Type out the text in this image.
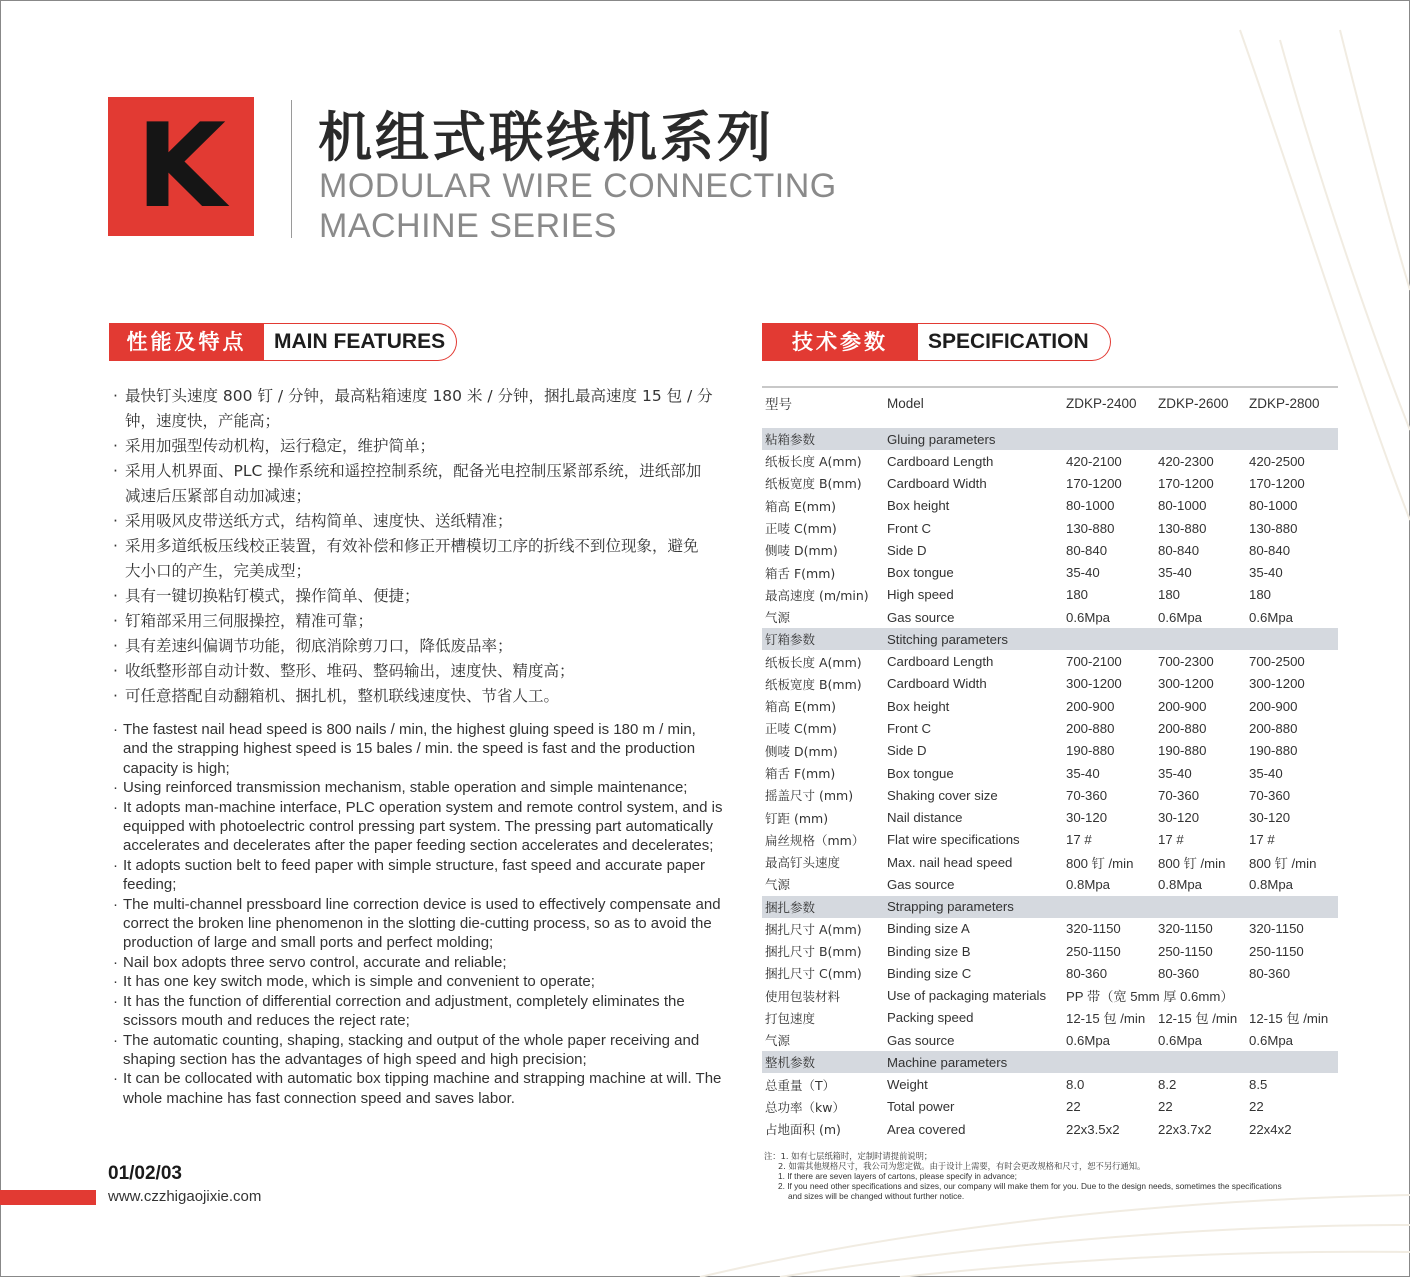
K	机组式联线机系列
MODULAR WIRE CONNECTING
MACHINE SERIES
性能及特点	MAIN FEATURES
· 最快钉头速度 800 钉 / 分钟，最高粘箱速度 180 米 / 分钟，捆扎最高速度 15 包 / 分钟，速度快，产能高；
· 采用加强型传动机构，运行稳定，维护简单；
· 采用人机界面、PLC 操作系统和遥控控制系统，配备光电控制压紧部系统，进纸部加减速后压紧部自动加减速；
· 采用吸风皮带送纸方式，结构简单、速度快、送纸精准；
· 采用多道纸板压线校正装置，有效补偿和修正开槽模切工序的折线不到位现象，避免大小口的产生，完美成型；
· 具有一键切换粘钉模式，操作简单、便捷；
· 钉箱部采用三伺服操控，精准可靠；
· 具有差速纠偏调节功能，彻底消除剪刀口，降低废品率；
· 收纸整形部自动计数、整形、堆码、整码输出，速度快、精度高；
· 可任意搭配自动翻箱机、捆扎机，整机联线速度快、节省人工。
· The fastest nail head speed is 800 nails / min, the highest gluing speed is 180 m / min, and the strapping highest speed is 15 bales / min. the speed is fast and the production capacity is high;
· Using reinforced transmission mechanism, stable operation and simple maintenance;
· It adopts man-machine interface, PLC operation system and remote control system, and is equipped with photoelectric control pressing part system. The pressing part automatically accelerates and decelerates after the paper feeding section accelerates and decelerates;
· It adopts suction belt to feed paper with simple structure, fast speed and accurate paper feeding;
· The multi-channel pressboard line correction device is used to effectively compensate and correct the broken line phenomenon in the slotting die-cutting process, so as to avoid the production of large and small ports and perfect molding;
· Nail box adopts three servo control, accurate and reliable;
· It has one key switch mode, which is simple and convenient to operate;
· It has the function of differential correction and adjustment, completely eliminates the scissors mouth and reduces the reject rate;
· The automatic counting, shaping, stacking and output of the whole paper receiving and shaping section has the advantages of high speed and high precision;
· It can be collocated with automatic box tipping machine and strapping machine at will. The whole machine has fast connection speed and saves labor.
技术参数	SPECIFICATION
型号	Model	ZDKP-2400	ZDKP-2600	ZDKP-2800

粘箱参数	Gluing parameters			
纸板长度 A(mm)	Cardboard Length	420-2100	420-2300	420-2500
纸板宽度 B(mm)	Cardboard Width	170-1200	170-1200	170-1200
箱高 E(mm)	Box height	80-1000	80-1000	80-1000
正唛 C(mm)	Front C	130-880	130-880	130-880
侧唛 D(mm)	Side D	80-840	80-840	80-840
箱舌 F(mm)	Box tongue	35-40	35-40	35-40
最高速度 (m/min)	High speed	180	180	180
气源	Gas source	0.6Mpa	0.6Mpa	0.6Mpa
钉箱参数	Stitching parameters			
纸板长度 A(mm)	Cardboard Length	700-2100	700-2300	700-2500
纸板宽度 B(mm)	Cardboard Width	300-1200	300-1200	300-1200
箱高 E(mm)	Box height	200-900	200-900	200-900
正唛 C(mm)	Front C	200-880	200-880	200-880
侧唛 D(mm)	Side D	190-880	190-880	190-880
箱舌 F(mm)	Box tongue	35-40	35-40	35-40
摇盖尺寸 (mm)	Shaking cover size	70-360	70-360	70-360
钉距 (mm)	Nail distance	30-120	30-120	30-120
扁丝规格（mm）	Flat wire specifications	17 #	17 #	17 #
最高钉头速度	Max. nail head speed	800 钉 /min	800 钉 /min	800 钉 /min
气源	Gas source	0.8Mpa	0.8Mpa	0.8Mpa
捆扎参数	Strapping parameters			
捆扎尺寸 A(mm)	Binding size A	320-1150	320-1150	320-1150
捆扎尺寸 B(mm)	Binding size B	250-1150	250-1150	250-1150
捆扎尺寸 C(mm)	Binding size C	80-360	80-360	80-360
使用包装材料	Use of packaging materials	PP 带（宽 5mm 厚 0.6mm）		
打包速度	Packing speed	12-15 包 /min	12-15 包 /min	12-15 包 /min
气源	Gas source	0.6Mpa	0.6Mpa	0.6Mpa
整机参数	Machine parameters			
总重量（T）	Weight	8.0	8.2	8.5
总功率（kw）	Total power	22	22	22
占地面积 (m)	Area covered	22x3.5x2	22x3.7x2	22x4x2

注：1. 如有七层纸箱时，定制时请提前说明；

2. 如需其他规格尺寸，我公司为您定做。由于设计上需要，有时会更改规格和尺寸，恕不另行通知。

1. If there are seven layers of cartons, please specify in advance;

2. If you need other specifications and sizes, our company will make them for you. Due to the design needs, sometimes the specifications

and sizes will be changed without further notice.

01/02/03
www.czzhigaojixie.com
